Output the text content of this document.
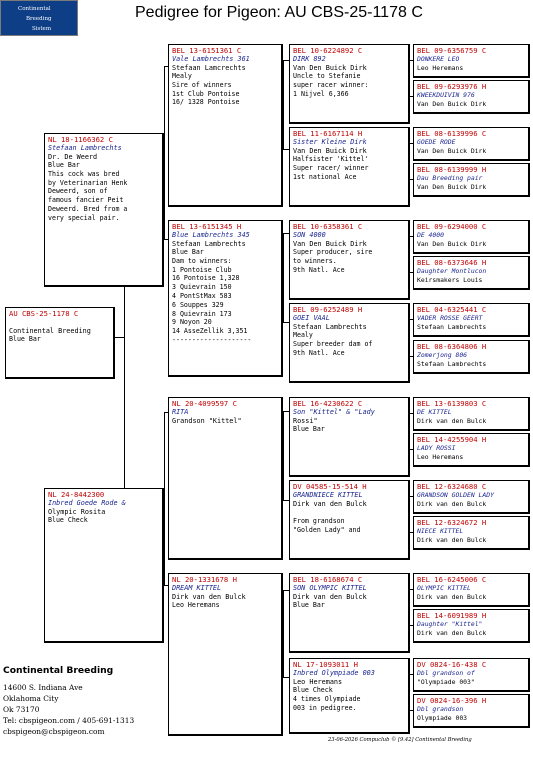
Continental
Breeding
Sistem
Pedigree for Pigeon: AU CBS-25-1178 C
AU CBS-25-1178 C

Continental Breeding
Blue Bar
NL 18-1166362 C
Stefaan Lambrechts
Dr. De Weerd
Blue Bar
This cock was bred
by Veterinarian Henk
Deweerd, son of
famous fancier Peit
Deweerd. Bred from a
very special pair.
NL 24-8442300
Inbred Goede Rode &
Olympic Rosita
Blue Check
BEL 13-6151361 C
Vale Lambrechts 361
Stefaan Lamcrechts
Mealy
Sire of winners
1st Club Pontoise
16/ 1328 Pontoise
BEL 13-6151345 H
Blue Lambrechts 345
Stefaan Lambrechts
Blue Bar
Dam to winners:
1 Pontoise Club
16 Pontoise 1,328
3 Quievrain 150
4 PontStMax 583
6 Souppes 329
8 Quievrain 173
9 Noyon 20
14 AsseZellik 3,351
--------------------
NL 20-4099597 C
RITA
Grandson "Kittel"
NL 20-1331678 H
DREAM KITTEL
Dirk van den Bulck
Leo Heremans
BEL 10-6224892 C
DIRK 892
Van Den Buick Dirk
Uncle to Stefanie
super racer winner:
1 Nijvel 6,366
BEL 11-6167114 H
Sister Kleine Dirk
Van Den Buick Dirk
Halfsister 'Kittel'
Super racer/ winner
1st national Ace
BEL 10-6358361 C
SON 4000
Van Den Buick Dirk
Super producer, sire
to winners.
9th Natl. Ace
BEL 09-6252489 H
GOEI VAAL
Stefaan Lambrechts
Mealy
Super breeder dam of
9th Natl. Ace
BEL 16-4230622 C
Son "Kittel" & "Lady
Rossi"
Blue Bar
DV 04585-15-514 H
GRANDNIECE KITTEL
Dirk van den Bulck

From grandson
"Golden Lady" and
BEL 18-6168674 C
SON OLYMPIC KITTEL
Dirk van den Bulck
Blue Bar
NL 17-1093011 H
Inbred Olympiade 003
Leo Heremans
Blue Check
4 times Olympiade
003 in pedigree.
BEL 09-6356759 C
DONKERE LEO
Leo Heremans
BEL 09-6293976 H
KWEEKDUIVIN 976
Van Den Buick Dirk
BEL 08-6139996 C
GOEDE RODE
Van Den Buick Dirk
BEL 08-6139999 H
Dau Breeding pair
Van Den Buick Dirk
BEL 09-6294000 C
DE 4000
Van Den Buick Dirk
BEL 08-6373646 H
Daughter Montlucon
Keirsmakers Louis
BEL 04-6325441 C
VADER ROSSE GEERT
Stefaan Lambrechts
BEL 08-6364806 H
Zomerjong 806
Stefaan Lambrechts
BEL 13-6139803 C
DE KITTEL
Dirk van den Bulck
BEL 14-4255904 H
LADY ROSSI
Leo Heremans
BEL 12-6324680 C
GRANDSON GOLDEN LADY
Dirk van den Bulck
BEL 12-6324672 H
NIECE KITTEL
Dirk van den Bulck
BEL 16-6245006 C
OLYMPIC KITTEL
Dirk van den Bulck
BEL 14-6091989 H
Daughter "Kittel"
Dirk van den Bulck
DV 0824-16-438 C
Dbl grandson of
"Olympiade 003"
DV 0824-16-396 H
Dbl grandson
Olympiade 003
Continental Breeding
14600 S. Indiana Ave
Oklahoma City
Ok 73170
Tel: cbspigeon.com / 405-691-1313
cbspigeon@cbspigeon.com
23-06-2026 Compuclub © [9.42] Continental Breeding
